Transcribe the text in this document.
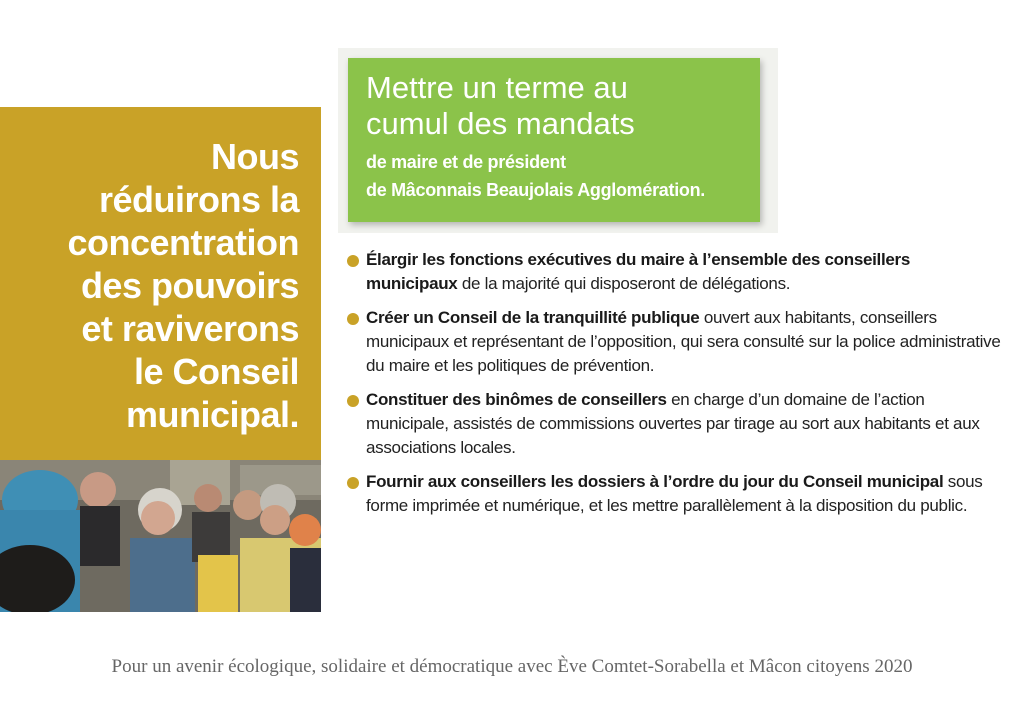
Nous
réduirons la
concentration
des pouvoirs
et raviverons
le Conseil
municipal.
Mettre un terme au
cumul des mandats

de maire et de président
de Mâconnais Beaujolais Agglomération.

Élargir les fonctions exécutives du maire à l’ensemble des conseillers municipaux de la majorité qui disposeront de délégations.
Créer un Conseil de la tranquillité publique ouvert aux habitants, conseillers municipaux et représentant de l’opposition, qui sera consulté sur la police administrative du maire et les politiques de prévention.
Constituer des binômes de conseillers en charge d’un domaine de l’action municipale, assistés de commissions ouvertes par tirage au sort aux habitants et aux associations locales.
Fournir aux conseillers les dossiers à l’ordre du jour du Conseil municipal sous forme imprimée et numérique, et les mettre parallèlement à la disposition du public.

Pour un avenir écologique, solidaire et démocratique avec Ève Comtet-Sorabella et Mâcon citoyens 2020
